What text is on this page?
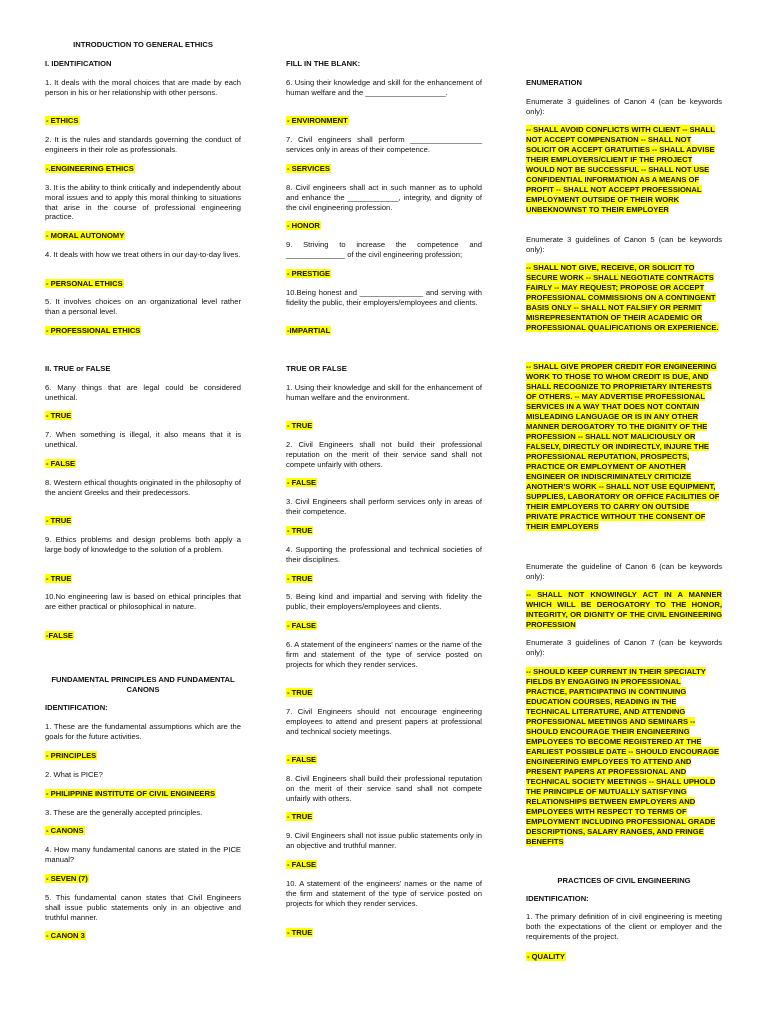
INTRODUCTION TO GENERAL ETHICS
I. IDENTIFICATION
1. It deals with the moral choices that are made by each person in his or her relationship with other persons.
- ETHICS
2. It is the rules and standards governing the conduct of engineers in their role as professionals.
-.ENGINEERING ETHICS
3. It is the ability to think critically and independently about moral issues and to apply this moral thinking to situations that arise in the course of professional engineering practice.
- MORAL AUTONOMY
4. It deals with how we treat others in our day-to-day lives.
- PERSONAL ETHICS
5. It involves choices on an organizational level rather than a personal level.
- PROFESSIONAL ETHICS
II. TRUE or FALSE
6. Many things that are legal could be considered unethical.
- TRUE
7. When something is illegal, it also means that it is unethical.
- FALSE
8. Western ethical thoughts originated in the philosophy of the ancient Greeks and their predecessors.
- TRUE
9. Ethics problems and design problems both apply a large body of knowledge to the solution of a problem.
- TRUE
10.No engineering law is based on ethical principles that are either practical or philosophical in nature.
-FALSE
FUNDAMENTAL PRINCIPLES AND FUNDAMENTAL CANONS
IDENTIFICATION:
1. These are the fundamental assumptions which are the goals for the future activities.
- PRINCIPLES
2. What is PICE?
- PHILIPPINE INSTITUTE OF CIVIL ENGINEERS
3. These are the generally accepted principles.
- CANONS
4. How many fundamental canons are stated in the PICE manual?
- SEVEN (7)
5. This fundamental canon states that Civil Engineers shall issue public statements only in an objective and truthful manner.
- CANON 3
FILL IN THE BLANK:
6. Using their knowledge and skill for the enhancement of human welfare and the ___________________.
- ENVIRONMENT
7. Civil engineers shall perform _________________ services only in areas of their competence.
- SERVICES
8. Civil engineers shall act in such manner as to uphold and enhance the ____________, integrity, and dignity of the civil engineering profession.
- HONOR
9. Striving to increase the competence and ______________ of the civil engineering profession;
- PRESTIGE
10.Being honest and _______________ and serving with fidelity the public, their employers/employees and clients.
-IMPARTIAL
TRUE OR FALSE
1. Using their knowledge and skill for the enhancement of human welfare and the environment.
- TRUE
2. Civil Engineers shall not build their professional reputation on the merit of their service sand shall not compete unfairly with others.
- FALSE
3. Civil Engineers shall perform services only in areas of their competence.
- TRUE
4. Supporting the professional and technical societies of their disciplines.
- TRUE
5. Being kind and impartial and serving with fidelity the public, their employers/employees and clients.
- FALSE
6. A statement of the engineers' names or the name of the firm and statement of the type of service posted on projects for which they render services.
- TRUE
7. Civil Engineers should not encourage engineering employees to attend and present papers at professional and technical society meetings.
- FALSE
8. Civil Engineers shall build their professional reputation on the merit of their service sand shall not compete unfairly with others.
- TRUE
9. Civil Engineers shall not issue public statements only in an objective and truthful manner.
- FALSE
10. A statement of the engineers' names or the name of the firm and statement of the type of service posted on projects for which they render services.
- TRUE
ENUMERATION
Enumerate 3 guidelines of Canon 4 (can be keywords only):
-- SHALL AVOID CONFLICTS WITH CLIENT -- SHALL NOT ACCEPT COMPENSATION -- SHALL NOT SOLICIT OR ACCEPT GRATUITIES -- SHALL ADVISE THEIR EMPLOYERS/CLIENT IF THE PROJECT WOULD NOT BE SUCCESSFUL -- SHALL NOT USE CONFIDENTIAL INFORMATION AS A MEANS OF PROFIT -- SHALL NOT ACCEPT PROFESSIONAL EMPLOYMENT OUTSIDE OF THEIR WORK UNBEKNOWNST TO THEIR EMPLOYER
Enumerate 3 guidelines of Canon 5 (can be keywords only):
-- SHALL NOT GIVE, RECEIVE, OR SOLICIT TO SECURE WORK -- SHALL NEGOTIATE CONTRACTS FAIRLY -- MAY REQUEST; PROPOSE OR ACCEPT PROFESSIONAL COMMISSIONS ON A CONTINGENT BASIS ONLY -- SHALL NOT FALSIFY OR PERMIT MISREPRESENTATION OF THEIR ACADEMIC OR PROFESSIONAL QUALIFICATIONS OR EXPERIENCE.
-- SHALL GIVE PROPER CREDIT FOR ENGINEERING WORK TO THOSE TO WHOM CREDIT IS DUE, AND SHALL RECOGNIZE TO PROPRIETARY INTERESTS OF OTHERS. -- MAY ADVERTISE PROFESSIONAL SERVICES IN A WAY THAT DOES NOT CONTAIN MISLEADING LANGUAGE OR IS IN ANY OTHER MANNER DEROGATORY TO THE DIGNITY OF THE PROFESSION -- SHALL NOT MALICIOUSLY OR FALSELY, DIRECTLY OR INDIRECTLY, INJURE THE PROFESSIONAL REPUTATION, PROSPECTS, PRACTICE OR EMPLOYMENT OF ANOTHER ENGINEER OR INDISCRIMINATELY CRITICIZE ANOTHER'S WORK -- SHALL NOT USE EQUIPMENT, SUPPLIES, LABORATORY OR OFFICE FACILITIES OF THEIR EMPLOYERS TO CARRY ON OUTSIDE PRIVATE PRACTICE WITHOUT THE CONSENT OF THEIR EMPLOYERS
Enumerate the guideline of Canon 6 (can be keywords only):
-- SHALL NOT KNOWINGLY ACT IN A MANNER WHICH WILL BE DEROGATORY TO THE HONOR, INTEGRITY, OR DIGNITY OF THE CIVIL ENGINEERING PROFESSION
Enumerate 3 guidelines of Canon 7 (can be keywords only):
-- SHOULD KEEP CURRENT IN THEIR SPECIALTY FIELDS BY ENGAGING IN PROFESSIONAL PRACTICE, PARTICIPATING IN CONTINUING EDUCATION COURSES, READING IN THE TECHNICAL LITERATURE, AND ATTENDING PROFESSIONAL MEETINGS AND SEMINARS -- SHOULD ENCOURAGE THEIR ENGINEERING EMPLOYEES TO BECOME REGISTERED AT THE EARLIEST POSSIBLE DATE -- SHOULD ENCOURAGE ENGINEERING EMPLOYEES TO ATTEND AND PRESENT PAPERS AT PROFESSIONAL AND TECHNICAL SOCIETY MEETINGS -- SHALL UPHOLD THE PRINCIPLE OF MUTUALLY SATISFYING RELATIONSHIPS BETWEEN EMPLOYERS AND EMPLOYEES WITH RESPECT TO TERMS OF EMPLOYMENT INCLUDING PROFESSIONAL GRADE DESCRIPTIONS, SALARY RANGES, AND FRINGE BENEFITS
PRACTICES OF CIVIL ENGINEERING
IDENTIFICATION:
1. The primary definition of in civil engineering is meeting both the expectations of the client or employer and the requirements of the project.
- QUALITY
